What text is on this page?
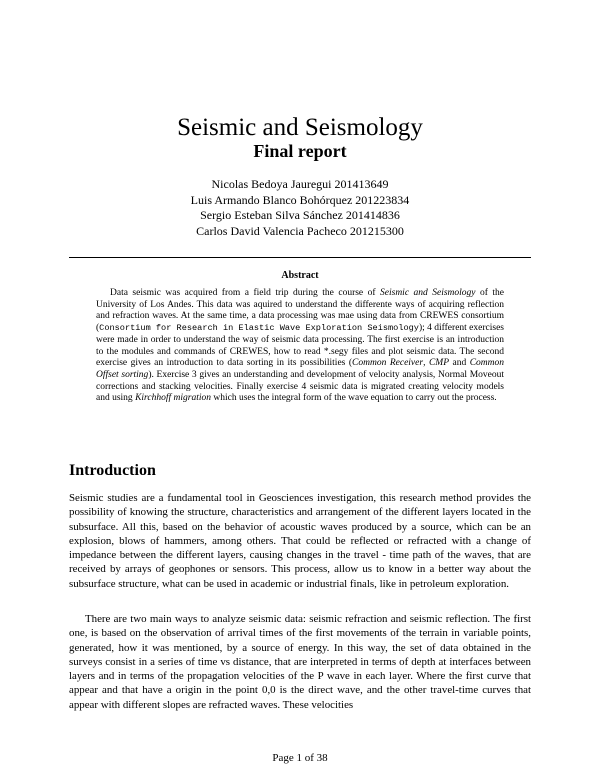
Seismic and Seismology
Final report
Nicolas Bedoya Jauregui 201413649
Luis Armando Blanco Bohórquez 201223834
Sergio Esteban Silva Sánchez 201414836
Carlos David Valencia Pacheco 201215300
Abstract
Data seismic was acquired from a field trip during the course of Seismic and Seismology of the University of Los Andes. This data was aquired to understand the differente ways of acquiring reflection and refraction waves. At the same time, a data processing was mae using data from CREWES consortium (Consortium for Research in Elastic Wave Exploration Seismology); 4 different exercises were made in order to understand the way of seismic data processing. The first exercise is an introduction to the modules and commands of CREWES, how to read *.segy files and plot seismic data. The second exercise gives an introduction to data sorting in its possibilities (Common Receiver, CMP and Common Offset sorting). Exercise 3 gives an understanding and development of velocity analysis, Normal Moveout corrections and stacking velocities. Finally exercise 4 seismic data is migrated creating velocity models and using Kirchhoff migration which uses the integral form of the wave equation to carry out the process.
Introduction
Seismic studies are a fundamental tool in Geosciences investigation, this research method provides the possibility of knowing the structure, characteristics and arrangement of the different layers located in the subsurface. All this, based on the behavior of acoustic waves produced by a source, which can be an explosion, blows of hammers, among others. That could be reflected or refracted with a change of impedance between the different layers, causing changes in the travel - time path of the waves, that are received by arrays of geophones or sensors. This process, allow us to know in a better way about the subsurface structure, what can be used in academic or industrial finals, like in petroleum exploration.
There are two main ways to analyze seismic data: seismic refraction and seismic reflection. The first one, is based on the observation of arrival times of the first movements of the terrain in variable points, generated, how it was mentioned, by a source of energy. In this way, the set of data obtained in the surveys consist in a series of time vs distance, that are interpreted in terms of depth at interfaces between layers and in terms of the propagation velocities of the P wave in each layer. Where the first curve that appear and that have a origin in the point 0,0 is the direct wave, and the other travel-time curves that appear with different slopes are refracted waves. These velocities
Page 1 of 38
